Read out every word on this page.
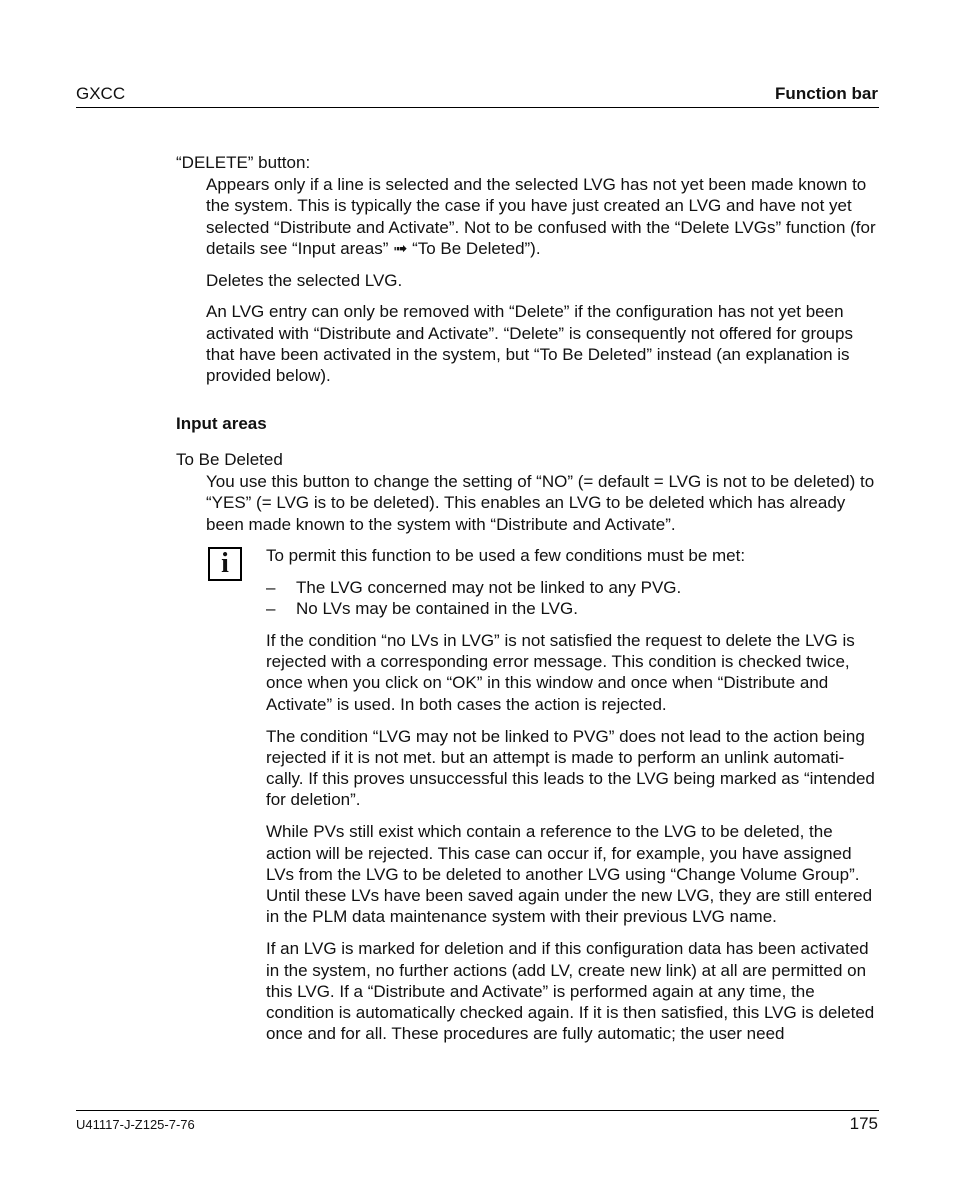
GXCC	Function bar
“DELETE” button:

Appears only if a line is selected and the selected LVG has not yet been made known to the system. This is typically the case if you have just created an LVG and have not yet selected “Distribute and Activate”. Not to be confused with the “Delete LVGs” function (for details see “Input areas” ➟ “To Be Deleted”).

Deletes the selected LVG.

An LVG entry can only be removed with “Delete” if the configuration has not yet been activated with “Distribute and Activate”. “Delete” is consequently not offered for groups that have been activated in the system, but “To Be Deleted” instead (an explanation is provided below).

Input areas
To Be Deleted

You use this button to change the setting of “NO” (= default = LVG is not to be deleted) to “YES” (= LVG is to be deleted). This enables an LVG to be deleted which has already been made known to the system with “Distribute and Activate”.

i To permit this function to be used a few conditions must be met:

– The LVG concerned may not be linked to any PVG.
– No LVs may be contained in the LVG.

If the condition “no LVs in LVG” is not satisfied the request to delete the LVG is rejected with a corresponding error message. This condition is checked twice, once when you click on “OK” in this window and once when “Distribute and Activate” is used. In both cases the action is rejected.

The condition “LVG may not be linked to PVG” does not lead to the action being rejected if it is not met. but an attempt is made to perform an unlink automati-cally. If this proves unsuccessful this leads to the LVG being marked as “intended for deletion”.

While PVs still exist which contain a reference to the LVG to be deleted, the action will be rejected. This case can occur if, for example, you have assigned LVs from the LVG to be deleted to another LVG using “Change Volume Group”. Until these LVs have been saved again under the new LVG, they are still entered in the PLM data maintenance system with their previous LVG name.

If an LVG is marked for deletion and if this configuration data has been activated in the system, no further actions (add LV, create new link) at all are permitted on this LVG. If a “Distribute and Activate” is performed again at any time, the condition is automatically checked again. If it is then satisfied, this LVG is deleted once and for all. These procedures are fully automatic; the user need

U41117-J-Z125-7-76	175
